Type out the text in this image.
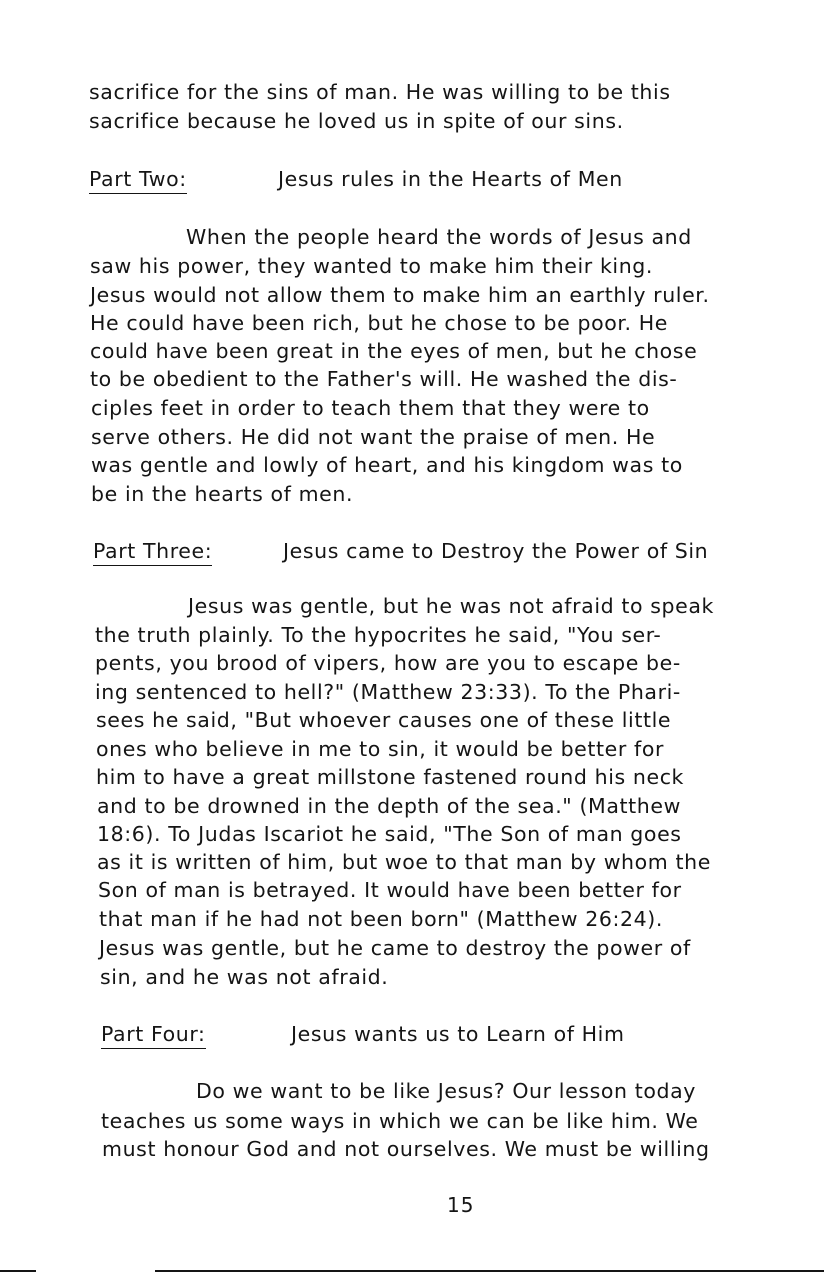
sacrifice for the sins of man. He was willing to be this
sacrifice because he loved us in spite of our sins.
Part Two:	Jesus rules in the Hearts of Men
When the people heard the words of Jesus and
saw his power, they wanted to make him their king.
Jesus would not allow them to make him an earthly ruler.
He could have been rich, but he chose to be poor. He
could have been great in the eyes of men, but he chose
to be obedient to the Father's will. He washed the dis-
ciples feet in order to teach them that they were to
serve others. He did not want the praise of men. He
was gentle and lowly of heart, and his kingdom was to
be in the hearts of men.
Part Three:	Jesus came to Destroy the Power of Sin
Jesus was gentle, but he was not afraid to speak
the truth plainly. To the hypocrites he said, "You ser-
pents, you brood of vipers, how are you to escape be-
ing sentenced to hell?" (Matthew 23:33). To the Phari-
sees he said, "But whoever causes one of these little
ones who believe in me to sin, it would be better for
him to have a great millstone fastened round his neck
and to be drowned in the depth of the sea." (Matthew
18:6). To Judas Iscariot he said, "The Son of man goes
as it is written of him, but woe to that man by whom the
Son of man is betrayed. It would have been better for
that man if he had not been born" (Matthew 26:24).
Jesus was gentle, but he came to destroy the power of
sin, and he was not afraid.
Part Four:	Jesus wants us to Learn of Him
Do we want to be like Jesus? Our lesson today
teaches us some ways in which we can be like him. We
must honour God and not ourselves. We must be willing
15
